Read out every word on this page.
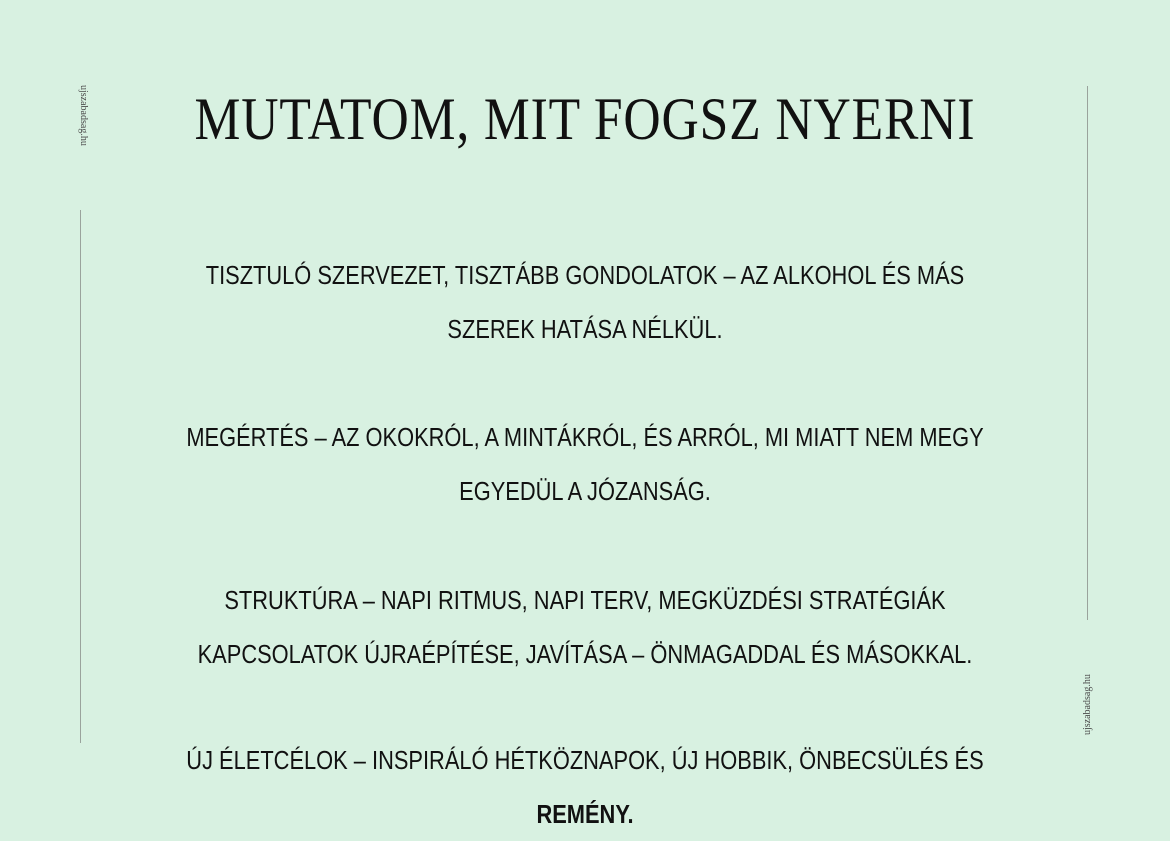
ujszabadsag.hu
ujszabadsag.hu
MUTATOM, MIT FOGSZ NYERNI
TISZTULÓ SZERVEZET, TISZTÁBB GONDOLATOK – AZ ALKOHOL ÉS MÁS SZEREK HATÁSA NÉLKÜL.
MEGÉRTÉS – AZ OKOKRÓL, A MINTÁKRÓL, ÉS ARRÓL, MI MIATT NEM MEGY EGYEDÜL A JÓZANSÁG.
STRUKTÚRA – NAPI RITMUS, NAPI TERV, MEGKÜZDÉSI STRATÉGIÁK
KAPCSOLATOK ÚJRAÉPÍTÉSE, JAVÍTÁSA – ÖNMAGADDAL ÉS MÁSOKKAL.
ÚJ ÉLETCÉLOK – INSPIRÁLÓ HÉTKÖZNAPOK, ÚJ HOBBIK, ÖNBECSÜLÉS ÉS REMÉNY.
